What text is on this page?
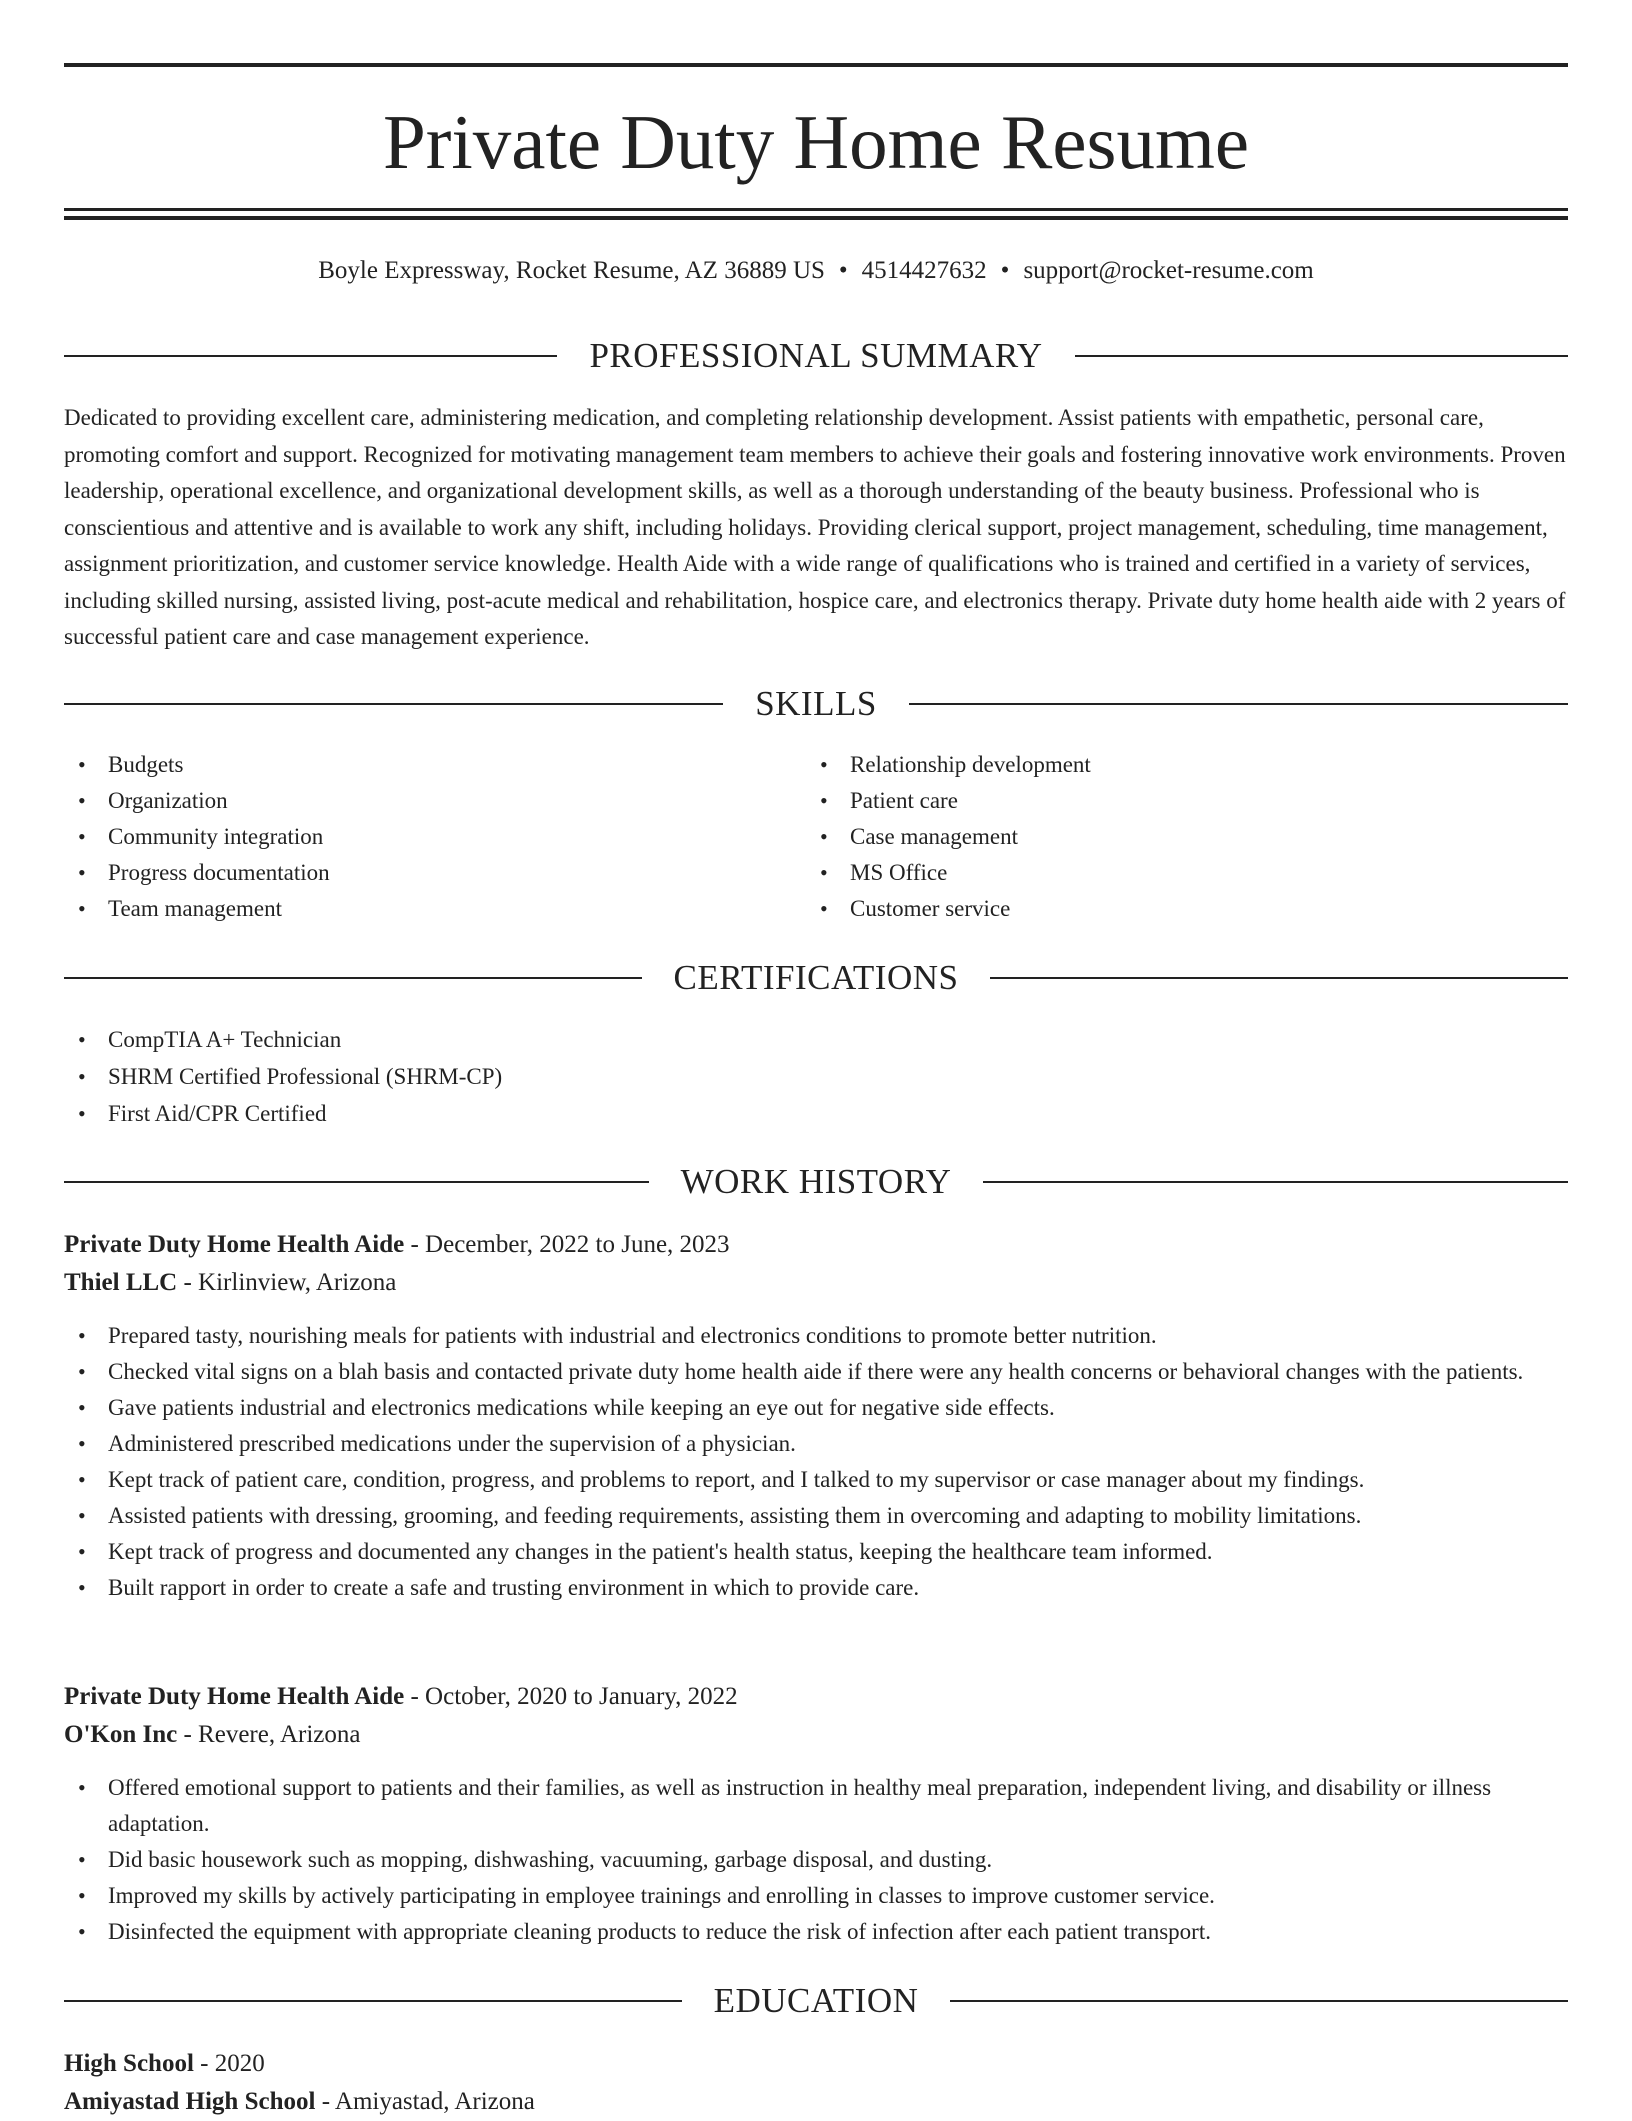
Private Duty Home Resume
Boyle Expressway, Rocket Resume, AZ 36889 US • 4514427632 • support@rocket-resume.com
PROFESSIONAL SUMMARY

Dedicated to providing excellent care, administering medication, and completing relationship development. Assist patients with empathetic, personal care, promoting comfort and support. Recognized for motivating management team members to achieve their goals and fostering innovative work environments. Proven leadership, operational excellence, and organizational development skills, as well as a thorough understanding of the beauty business. Professional who is conscientious and attentive and is available to work any shift, including holidays. Providing clerical support, project management, scheduling, time management, assignment prioritization, and customer service knowledge. Health Aide with a wide range of qualifications who is trained and certified in a variety of services, including skilled nursing, assisted living, post-acute medical and rehabilitation, hospice care, and electronics therapy. Private duty home health aide with 2 years of successful patient care and case management experience.

SKILLS
• Budgets
• Organization
• Community integration
• Progress documentation
• Team management
• Relationship development
• Patient care
• Case management
• MS Office
• Customer service
CERTIFICATIONS
• CompTIA A+ Technician
• SHRM Certified Professional (SHRM-CP)
• First Aid/CPR Certified
WORK HISTORY

Private Duty Home Health Aide - December, 2022 to June, 2023

Thiel LLC - Kirlinview, Arizona

• Prepared tasty, nourishing meals for patients with industrial and electronics conditions to promote better nutrition.
• Checked vital signs on a blah basis and contacted private duty home health aide if there were any health concerns or behavioral changes with the patients.
• Gave patients industrial and electronics medications while keeping an eye out for negative side effects.
• Administered prescribed medications under the supervision of a physician.
• Kept track of patient care, condition, progress, and problems to report, and I talked to my supervisor or case manager about my findings.
• Assisted patients with dressing, grooming, and feeding requirements, assisting them in overcoming and adapting to mobility limitations.
• Kept track of progress and documented any changes in the patient's health status, keeping the healthcare team informed.
• Built rapport in order to create a safe and trusting environment in which to provide care.

Private Duty Home Health Aide - October, 2020 to January, 2022

O'Kon Inc - Revere, Arizona

• Offered emotional support to patients and their families, as well as instruction in healthy meal preparation, independent living, and disability or illness adaptation.
• Did basic housework such as mopping, dishwashing, vacuuming, garbage disposal, and dusting.
• Improved my skills by actively participating in employee trainings and enrolling in classes to improve customer service.
• Disinfected the equipment with appropriate cleaning products to reduce the risk of infection after each patient transport.
EDUCATION

High School - 2020

Amiyastad High School - Amiyastad, Arizona
